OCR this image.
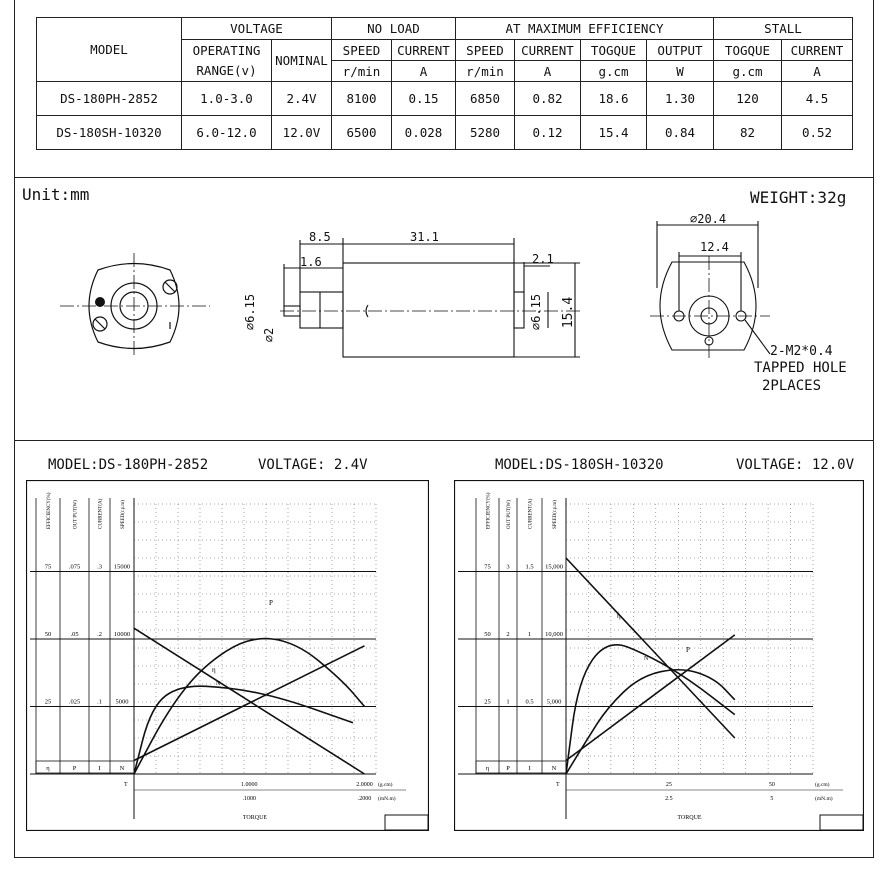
MODEL	VOLTAGE		NO LOAD		AT MAXIMUM EFFICIENCY				STALL	
	OPERATING
RANGE(v)	NOMINAL	SPEED	CURRENT	SPEED	CURRENT	TOGQUE	OUTPUT	TOGQUE	CURRENT
			r/min	A	r/min	A	g.cm	W	g.cm	A
DS-180PH-2852	1.0-3.0	2.4V	8100	0.15	6850	0.82	18.6	1.30	120	4.5
DS-180SH-10320	6.0-12.0	12.0V	6500	0.028	5280	0.12	15.4	0.84	82	0.52
Unit:mm	WEIGHT:32g
8.5	31.1
1.6	2.1
⌀6.15
⌀2
⌀6.15 15.4
⌀20.4
12.4
2-M2*0.4
TAPPED HOLE
2PLACES
MODEL:DS-180PH-2852	VOLTAGE: 2.4V	MODEL:DS-180SH-10320	VOLTAGE: 12.0V
EFFICIENCY(%)	OUT PUT(W)	CURRENT(A)	SPEED(r.p.m)
75	.075	.3 15000
50	.05	.2 10000
25	.025	.1 5000
η	P	I	N
T	1.0000	2.0000
.1000	.2000
(g.cm)
(mN.m)
TORQUE
P
η
N
EFFICIENCY(%)	OUT PUT(W)	CURRENT(A)	SPEED(r.p.m)
75 3 1.5 15,000
50 2	1 10,000
25 1 0.5 5,000
η	P	I	N
T	25	50
2.5	5
(g.cm)
(mN.m)
TORQUE
P
η
N
